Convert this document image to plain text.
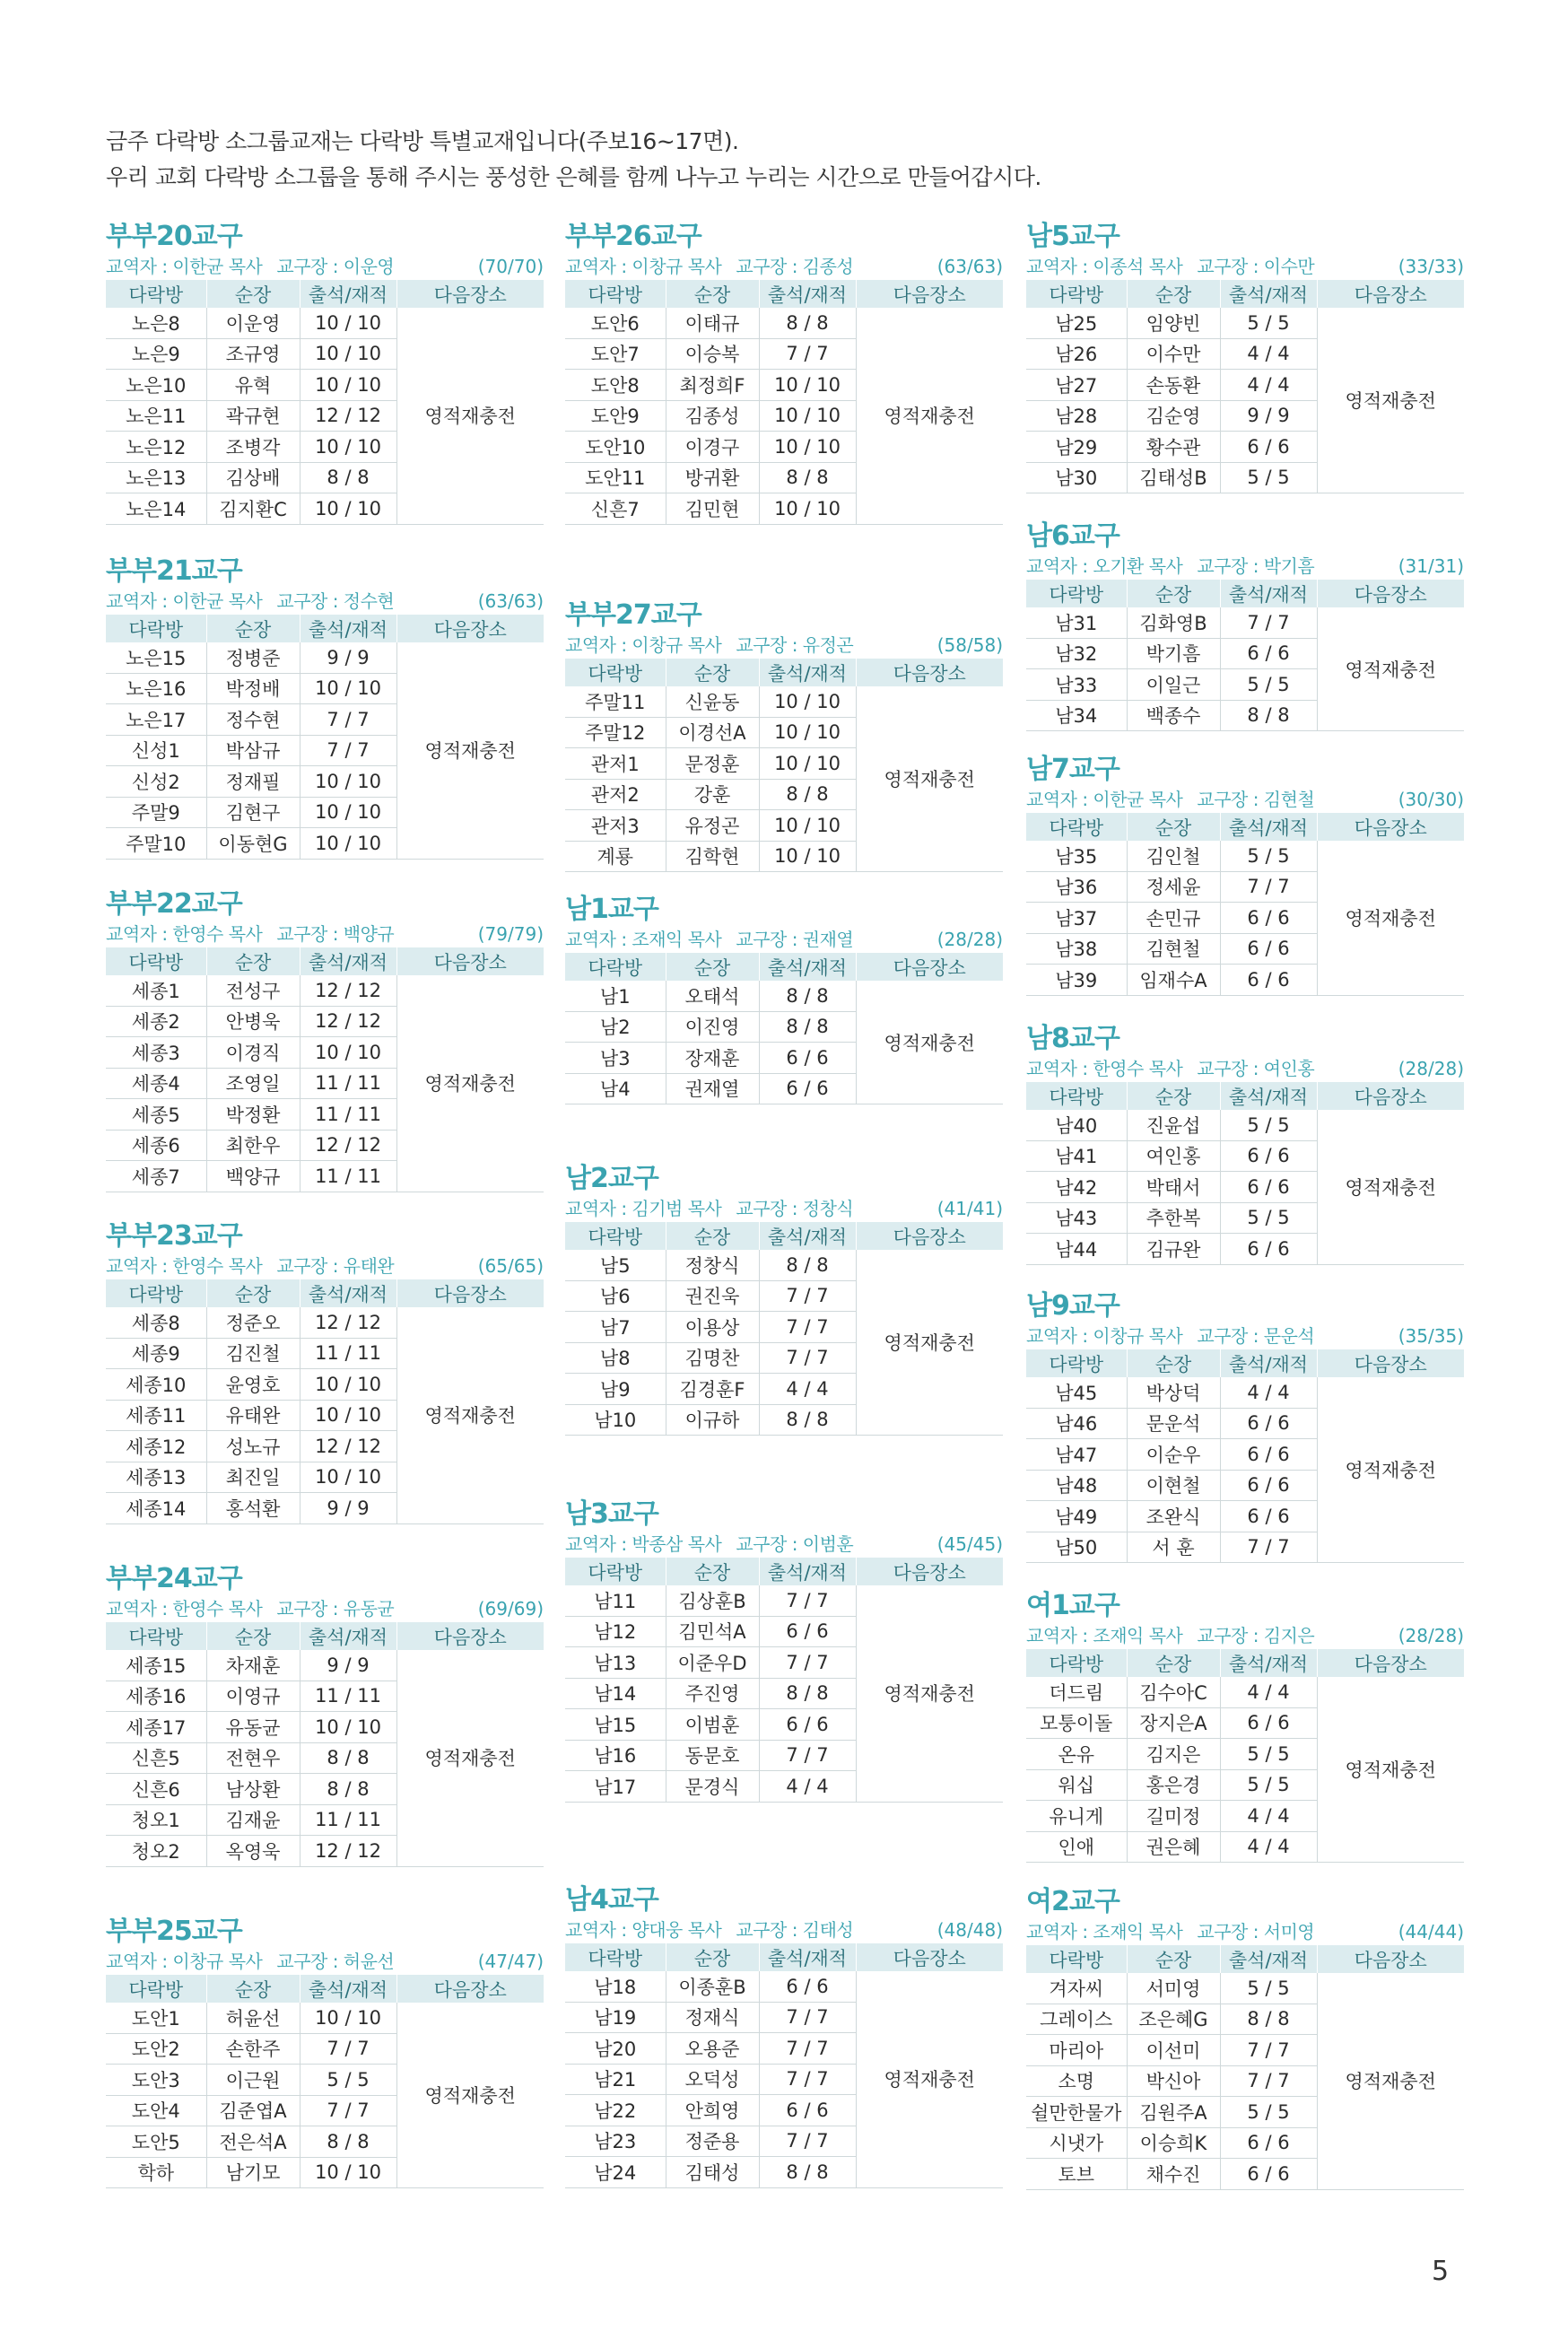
금주 다락방 소그룹교재는 다락방 특별교재입니다(주보16~17면).
우리 교회 다락방 소그룹을 통해 주시는 풍성한 은혜를 함께 나누고 누리는 시간으로 만들어갑시다.
부부20교구
교역자 : 이한균 목사 교구장 : 이운영	(70/70)
다락방	순장	출석/재적	다음장소
노은8	이운영	10 / 10	영적재충전
노은9	조규영	10 / 10	
노은10	유혁	10 / 10	
노은11	곽규현	12 / 12	
노은12	조병각	10 / 10	
노은13	김상배	8 / 8	
노은14	김지환C	10 / 10	
부부21교구
교역자 : 이한균 목사 교구장 : 정수현	(63/63)
다락방	순장	출석/재적	다음장소
노은15	정병준	9 / 9	영적재충전
노은16	박정배	10 / 10	
노은17	정수현	7 / 7	
신성1	박삼규	7 / 7	
신성2	정재필	10 / 10	
주말9	김현구	10 / 10	
주말10	이동현G	10 / 10	
부부22교구
교역자 : 한영수 목사 교구장 : 백양규	(79/79)
다락방	순장	출석/재적	다음장소
세종1	전성구	12 / 12	영적재충전
세종2	안병욱	12 / 12	
세종3	이경직	10 / 10	
세종4	조영일	11 / 11	
세종5	박정환	11 / 11	
세종6	최한우	12 / 12	
세종7	백양규	11 / 11	
부부23교구
교역자 : 한영수 목사 교구장 : 유태완	(65/65)
다락방	순장	출석/재적	다음장소
세종8	정준오	12 / 12	영적재충전
세종9	김진철	11 / 11	
세종10	윤영호	10 / 10	
세종11	유태완	10 / 10	
세종12	성노규	12 / 12	
세종13	최진일	10 / 10	
세종14	홍석환	9 / 9	
부부24교구
교역자 : 한영수 목사 교구장 : 유동균	(69/69)
다락방	순장	출석/재적	다음장소
세종15	차재훈	9 / 9	영적재충전
세종16	이영규	11 / 11	
세종17	유동균	10 / 10	
신흔5	전현우	8 / 8	
신흔6	남상환	8 / 8	
청오1	김재윤	11 / 11	
청오2	옥영욱	12 / 12	
부부25교구
교역자 : 이창규 목사 교구장 : 허윤선	(47/47)
다락방	순장	출석/재적	다음장소
도안1	허윤선	10 / 10	영적재충전
도안2	손한주	7 / 7	
도안3	이근원	5 / 5	
도안4	김준엽A	7 / 7	
도안5	전은석A	8 / 8	
학하	남기모	10 / 10	
부부26교구
교역자 : 이창규 목사 교구장 : 김종성	(63/63)
다락방	순장	출석/재적	다음장소
도안6	이태규	8 / 8	영적재충전
도안7	이승복	7 / 7	
도안8	최정희F	10 / 10	
도안9	김종성	10 / 10	
도안10	이경구	10 / 10	
도안11	방귀환	8 / 8	
신흔7	김민현	10 / 10	
부부27교구
교역자 : 이창규 목사 교구장 : 유정곤	(58/58)
다락방	순장	출석/재적	다음장소
주말11	신윤동	10 / 10	영적재충전
주말12	이경선A	10 / 10	
관저1	문정훈	10 / 10	
관저2	강훈	8 / 8	
관저3	유정곤	10 / 10	
계룡	김학현	10 / 10	
남1교구
교역자 : 조재익 목사 교구장 : 권재열	(28/28)
다락방	순장	출석/재적	다음장소
남1	오태석	8 / 8	영적재충전
남2	이진영	8 / 8	
남3	장재훈	6 / 6	
남4	권재열	6 / 6	
남2교구
교역자 : 김기범 목사 교구장 : 정창식	(41/41)
다락방	순장	출석/재적	다음장소
남5	정창식	8 / 8	영적재충전
남6	권진욱	7 / 7	
남7	이용상	7 / 7	
남8	김명찬	7 / 7	
남9	김경훈F	4 / 4	
남10	이규하	8 / 8	
남3교구
교역자 : 박종삼 목사 교구장 : 이범훈	(45/45)
다락방	순장	출석/재적	다음장소
남11	김상훈B	7 / 7	영적재충전
남12	김민석A	6 / 6	
남13	이준우D	7 / 7	
남14	주진영	8 / 8	
남15	이범훈	6 / 6	
남16	동문호	7 / 7	
남17	문경식	4 / 4	
남4교구
교역자 : 양대웅 목사 교구장 : 김태성	(48/48)
다락방	순장	출석/재적	다음장소
남18	이종훈B	6 / 6	영적재충전
남19	정재식	7 / 7	
남20	오용준	7 / 7	
남21	오덕성	7 / 7	
남22	안희영	6 / 6	
남23	정준용	7 / 7	
남24	김태성	8 / 8	
남5교구
교역자 : 이종석 목사 교구장 : 이수만	(33/33)
다락방	순장	출석/재적	다음장소
남25	임양빈	5 / 5	영적재충전
남26	이수만	4 / 4	
남27	손동환	4 / 4	
남28	김순영	9 / 9	
남29	황수관	6 / 6	
남30	김태성B	5 / 5	
남6교구
교역자 : 오기환 목사 교구장 : 박기흠	(31/31)
다락방	순장	출석/재적	다음장소
남31	김화영B	7 / 7	영적재충전
남32	박기흠	6 / 6	
남33	이일근	5 / 5	
남34	백종수	8 / 8	
남7교구
교역자 : 이한균 목사 교구장 : 김현철	(30/30)
다락방	순장	출석/재적	다음장소
남35	김인철	5 / 5	영적재충전
남36	정세윤	7 / 7	
남37	손민규	6 / 6	
남38	김현철	6 / 6	
남39	임재수A	6 / 6	
남8교구
교역자 : 한영수 목사 교구장 : 여인홍	(28/28)
다락방	순장	출석/재적	다음장소
남40	진윤섭	5 / 5	영적재충전
남41	여인홍	6 / 6	
남42	박태서	6 / 6	
남43	추한복	5 / 5	
남44	김규완	6 / 6	
남9교구
교역자 : 이창규 목사 교구장 : 문운석	(35/35)
다락방	순장	출석/재적	다음장소
남45	박상덕	4 / 4	영적재충전
남46	문운석	6 / 6	
남47	이순우	6 / 6	
남48	이현철	6 / 6	
남49	조완식	6 / 6	
남50	서 훈	7 / 7	
여1교구
교역자 : 조재익 목사 교구장 : 김지은	(28/28)
다락방	순장	출석/재적	다음장소
더드림	김수아C	4 / 4	영적재충전
모퉁이돌	장지은A	6 / 6	
온유	김지은	5 / 5	
워십	홍은경	5 / 5	
유니게	길미정	4 / 4	
인애	권은혜	4 / 4	
여2교구
교역자 : 조재익 목사 교구장 : 서미영	(44/44)
다락방	순장	출석/재적	다음장소
겨자씨	서미영	5 / 5	영적재충전
그레이스	조은혜G	8 / 8	
마리아	이선미	7 / 7	
소명	박신아	7 / 7	
쉴만한물가	김원주A	5 / 5	
시냇가	이승희K	6 / 6	
토브	채수진	6 / 6	
5
